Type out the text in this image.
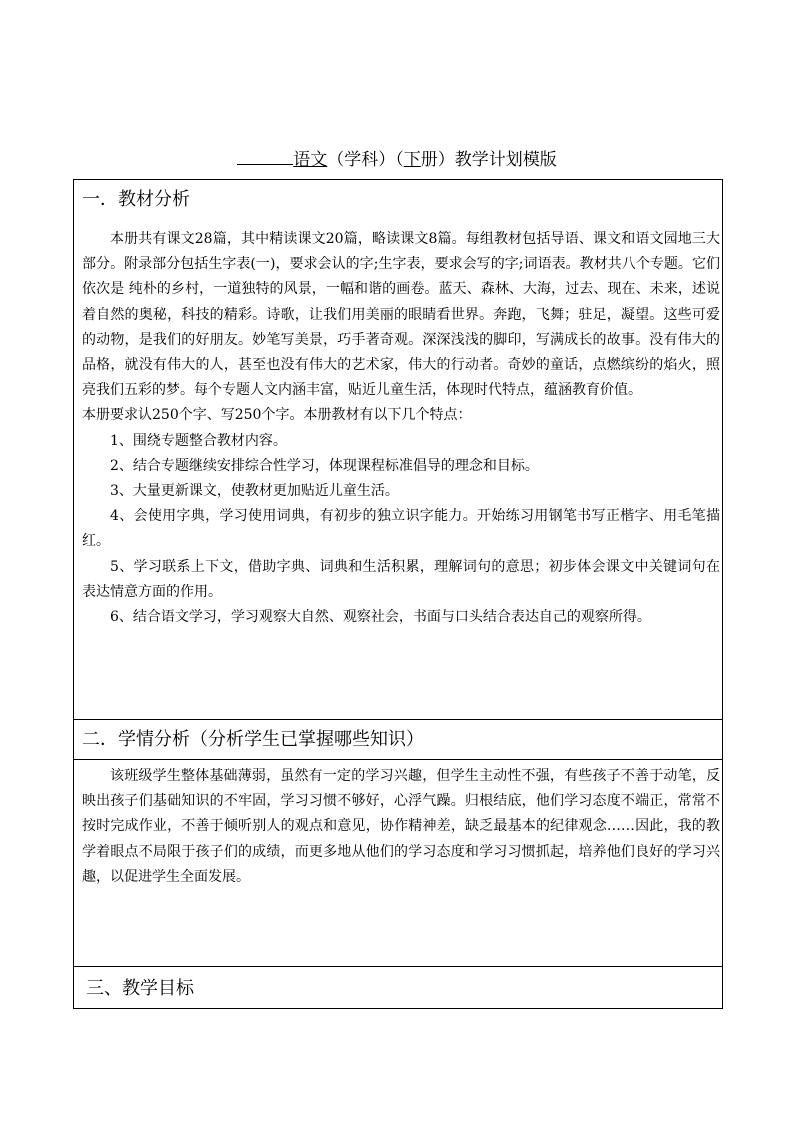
语文（学科）（下册）教学计划模版
一．教材分析

本册共有课文28篇，其中精读课文20篇，略读课文8篇。每组教材包括导语、课文和语文园地三大部分。附录部分包括生字表(一)，要求会认的字;生字表，要求会写的字;词语表。教材共八个专题。它们依次是 纯朴的乡村，一道独特的风景，一幅和谐的画卷。蓝天、森林、大海，过去、现在、未来，述说着自然的奥秘，科技的精彩。诗歌，让我们用美丽的眼睛看世界。奔跑，飞舞；驻足，凝望。这些可爱的动物，是我们的好朋友。妙笔写美景，巧手著奇观。深深浅浅的脚印，写满成长的故事。没有伟大的品格，就没有伟大的人，甚至也没有伟大的艺术家，伟大的行动者。奇妙的童话，点燃缤纷的焰火，照亮我们五彩的梦。每个专题人文内涵丰富，贴近儿童生活，体现时代特点，蕴涵教育价值。

本册要求认250个字、写250个字。本册教材有以下几个特点：

1、围绕专题整合教材内容。

2、结合专题继续安排综合性学习，体现课程标准倡导的理念和目标。

3、大量更新课文，使教材更加贴近儿童生活。

4、会使用字典，学习使用词典，有初步的独立识字能力。开始练习用钢笔书写正楷字、用毛笔描红。

5、学习联系上下文，借助字典、词典和生活积累，理解词句的意思；初步体会课文中关键词句在表达情意方面的作用。

6、结合语文学习，学习观察大自然、观察社会，书面与口头结合表达自己的观察所得。

二．学情分析（分析学生已掌握哪些知识）

该班级学生整体基础薄弱，虽然有一定的学习兴趣，但学生主动性不强，有些孩子不善于动笔，反映出孩子们基础知识的不牢固，学习习惯不够好，心浮气躁。归根结底，他们学习态度不端正，常常不按时完成作业，不善于倾听别人的观点和意见，协作精神差，缺乏最基本的纪律观念……因此，我的教学着眼点不局限于孩子们的成绩，而更多地从他们的学习态度和学习习惯抓起，培养他们良好的学习兴趣，以促进学生全面发展。

三、教学目标
